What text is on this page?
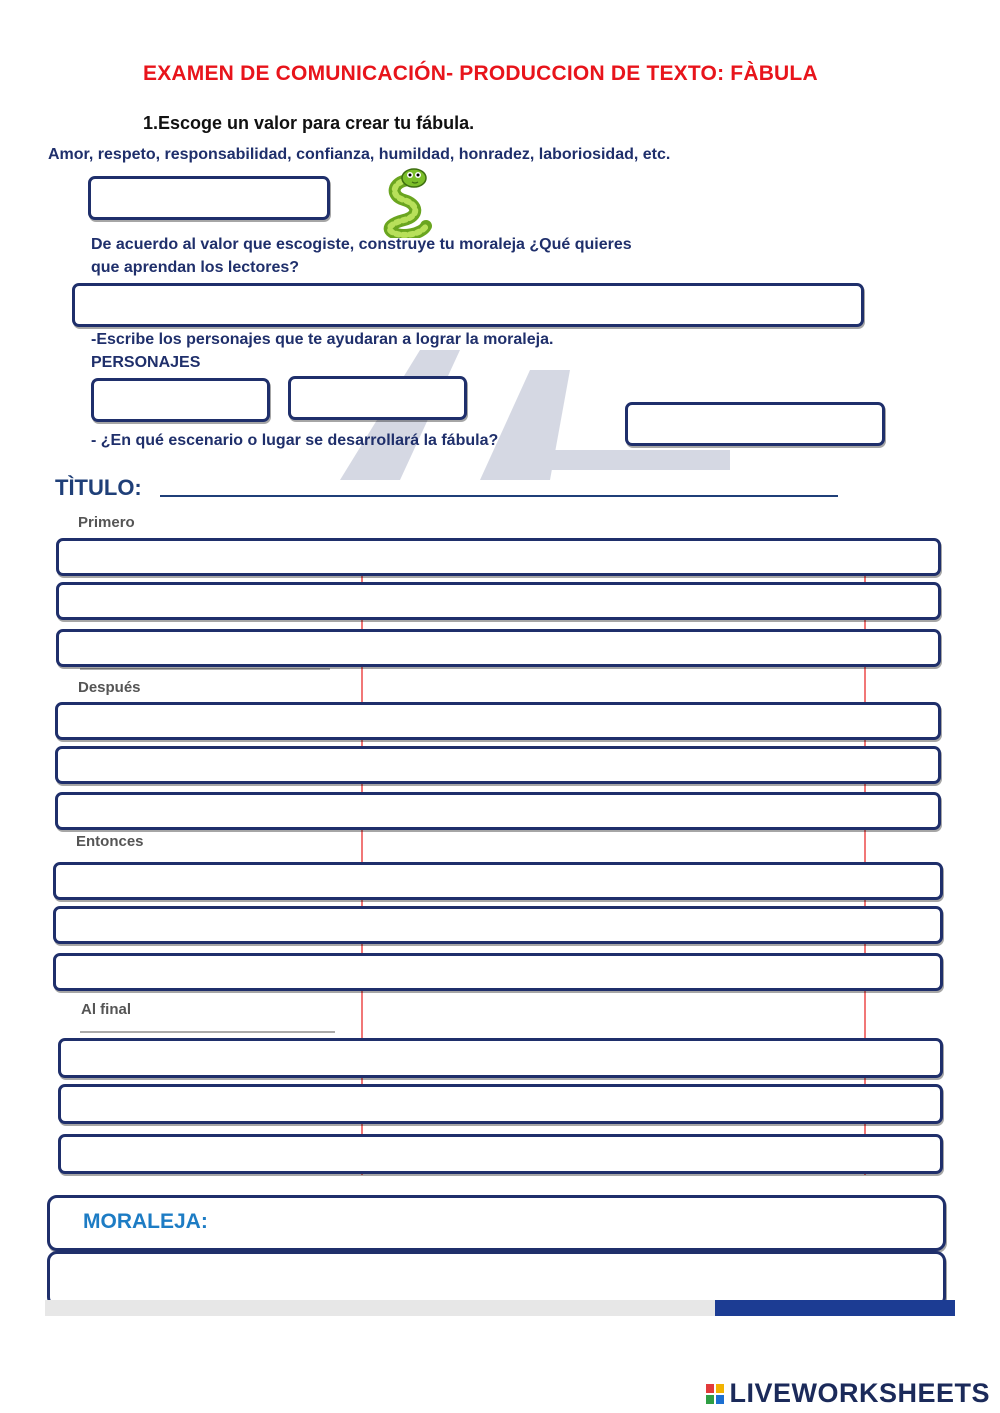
EXAMEN DE COMUNICACIÓN- PRODUCCION DE TEXTO: FÀBULA
1.Escoge un valor para crear tu fábula.
Amor, respeto, responsabilidad, confianza, humildad, honradez, laboriosidad, etc.
De acuerdo al valor que escogiste, construye tu moraleja ¿Qué quieres
que aprendan los lectores?
-Escribe los personajes que te ayudaran a lograr la moraleja.
PERSONAJES
- ¿En qué escenario o lugar se desarrollará la fábula?
TÌTULO:
Primero
Después
Entonces
Al final
MORALEJA:
LIVEWORKSHEETS
